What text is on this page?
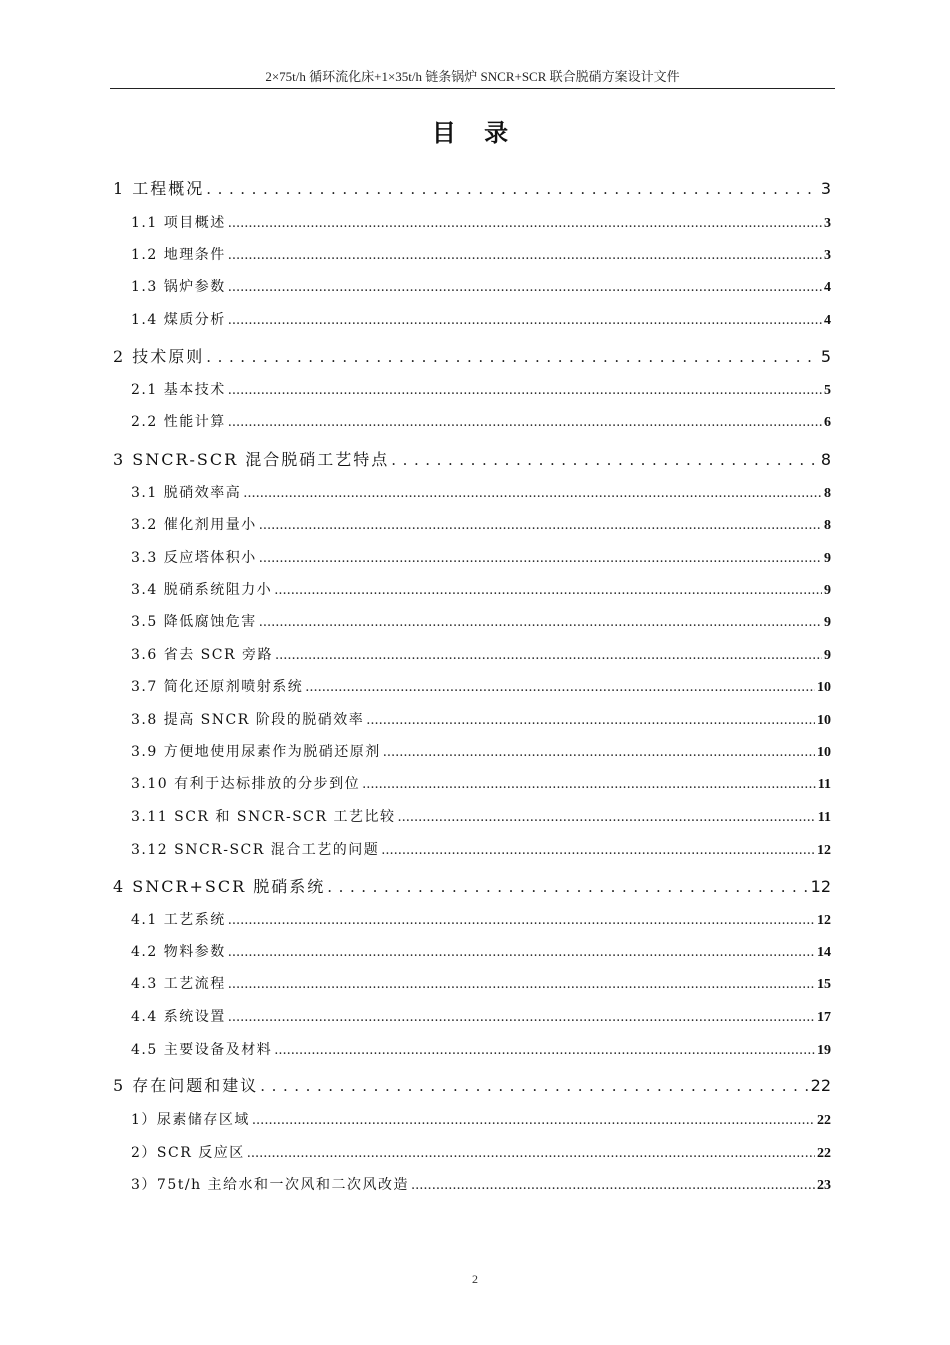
2×75t/h 循环流化床+1×35t/h 链条锅炉 SNCR+SCR 联合脱硝方案设计文件
目 录
1 工程概况 . . .	3
1.1 项目概述 .....	3
1.2 地理条件 .....	3
1.3 锅炉参数 .....	4
1.4 煤质分析 .....	4
2 技术原则 . . .	5
2.1 基本技术 .....	5
2.2 性能计算 .....	6
3 SNCR-SCR 混合脱硝工艺特点 . . .	8
3.1 脱硝效率高 .....	8
3.2 催化剂用量小 .....	8
3.3 反应塔体积小 .....	9
3.4 脱硝系统阻力小 .....	9
3.5 降低腐蚀危害 .....	9
3.6 省去 SCR 旁路 .....	9
3.7 简化还原剂喷射系统 .....	10
3.8 提高 SNCR 阶段的脱硝效率 .....	10
3.9 方便地使用尿素作为脱硝还原剂 .....	10
3.10 有利于达标排放的分步到位 .....	11
3.11 SCR 和 SNCR-SCR 工艺比较 .....	11
3.12 SNCR-SCR 混合工艺的问题 .....	12
4 SNCR+SCR 脱硝系统 . . .	12
4.1 工艺系统 .....	12
4.2 物料参数 .....	14
4.3 工艺流程 .....	15
4.4 系统设置 .....	17
4.5 主要设备及材料 .....	19
5 存在问题和建议 . . .	22
1）尿素储存区域 .....	22
2）SCR 反应区 .....	22
3）75t/h 主给水和一次风和二次风改造 .....	23
2
